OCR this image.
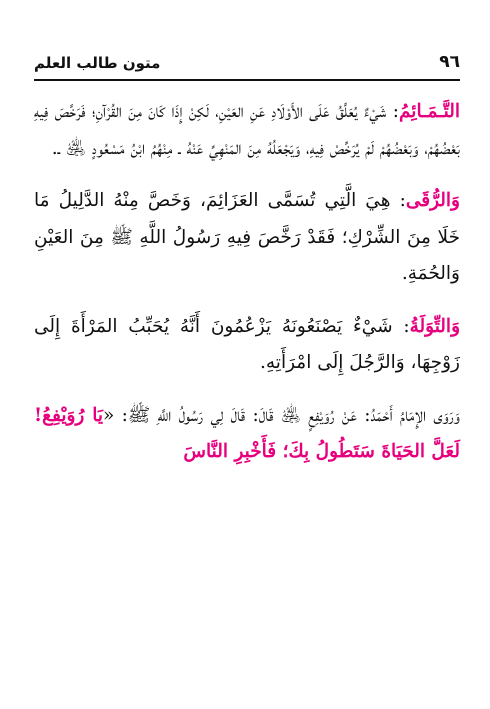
متون طالب العلم	٩٦

التَّـمَـائِمُ: شَيْءٌ يُعَلَّقُ عَلَى الأَوْلَادِ عَنِ العَيْنِ، لَكِنْ إِذَا كَانَ مِنَ القُرْآنِ؛ فَرَخَّصَ فِيهِ بَعْضُهُمْ، وَبَعْضُهُمْ لَمْ يُرَخِّصْ فِيهِ، وَيَجْعَلُهُ مِنَ المَنْهِيِّ عَنْهُ ـ مِنْهُمُ ابْنُ مَسْعُودٍ ﵁ ـ.

وَالرُّقَى: هِيَ الَّتِي تُسَمَّى العَزَائِمَ، وَخَصَّ مِنْهُ الدَّلِيلُ مَا خَلَا مِنَ الشِّرْكِ؛ فَقَدْ رَخَّصَ فِيهِ رَسُولُ اللَّهِ ﷺ مِنَ العَيْنِ وَالحُمَةِ.

وَالتِّوَلَةُ: شَيْءٌ يَصْنَعُونَهُ يَزْعُمُونَ أَنَّهُ يُحَبِّبُ المَرْأَةَ إِلَى زَوْجِهَا، وَالرَّجُلَ إِلَى امْرَأَتِهِ.

وَرَوَى الإِمَامُ أَحْمَدُ: عَنْ رُوَيْفِعٍ ﵁ قَالَ: قَالَ لِي رَسُولُ اللَّهِ ﷺ: «يَا رُوَيْفِعُ! لَعَلَّ الحَيَاةَ سَتَطُولُ بِكَ؛ فَأَخْبِرِ النَّاسَ
